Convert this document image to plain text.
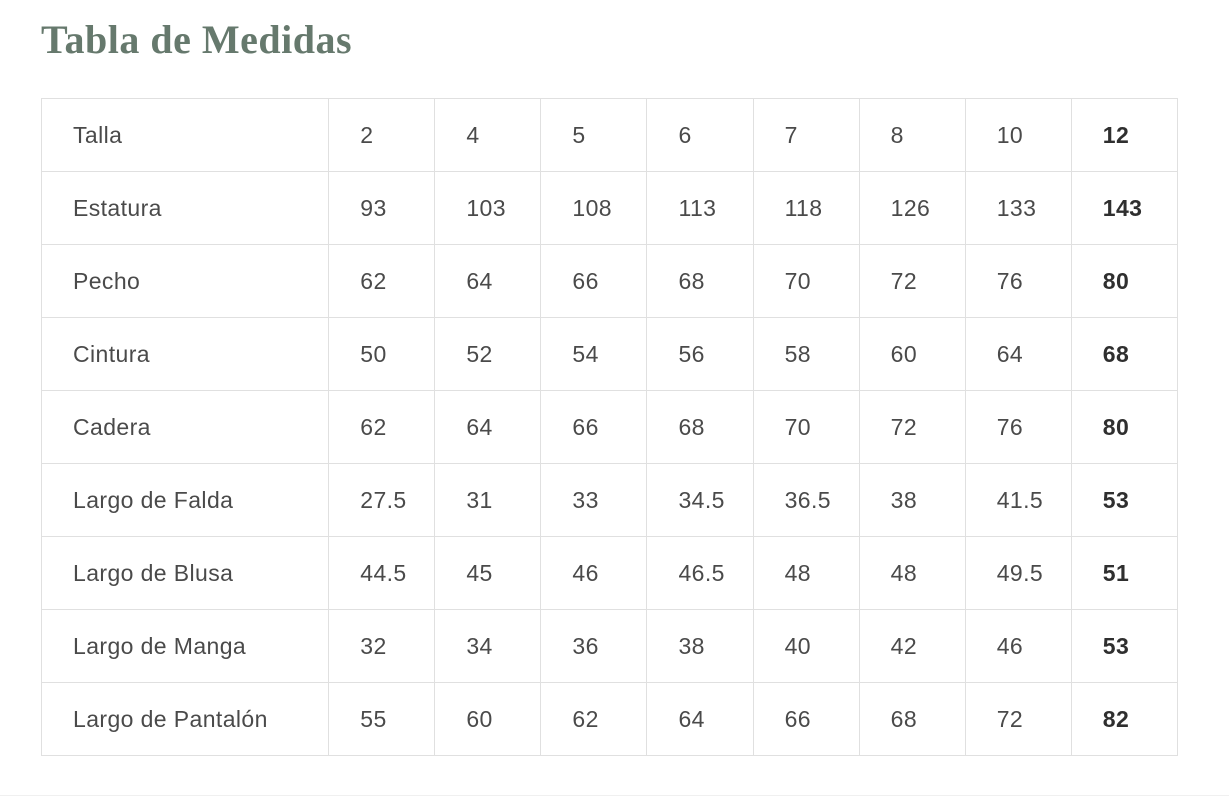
Tabla de Medidas
Talla	2	4	5	6	7	8	10	12
Estatura	93	103	108	113	118	126	133	143
Pecho	62	64	66	68	70	72	76	80
Cintura	50	52	54	56	58	60	64	68
Cadera	62	64	66	68	70	72	76	80
Largo de Falda	27.5	31	33	34.5	36.5	38	41.5	53
Largo de Blusa	44.5	45	46	46.5	48	48	49.5	51
Largo de Manga	32	34	36	38	40	42	46	53
Largo de Pantalón	55	60	62	64	66	68	72	82
